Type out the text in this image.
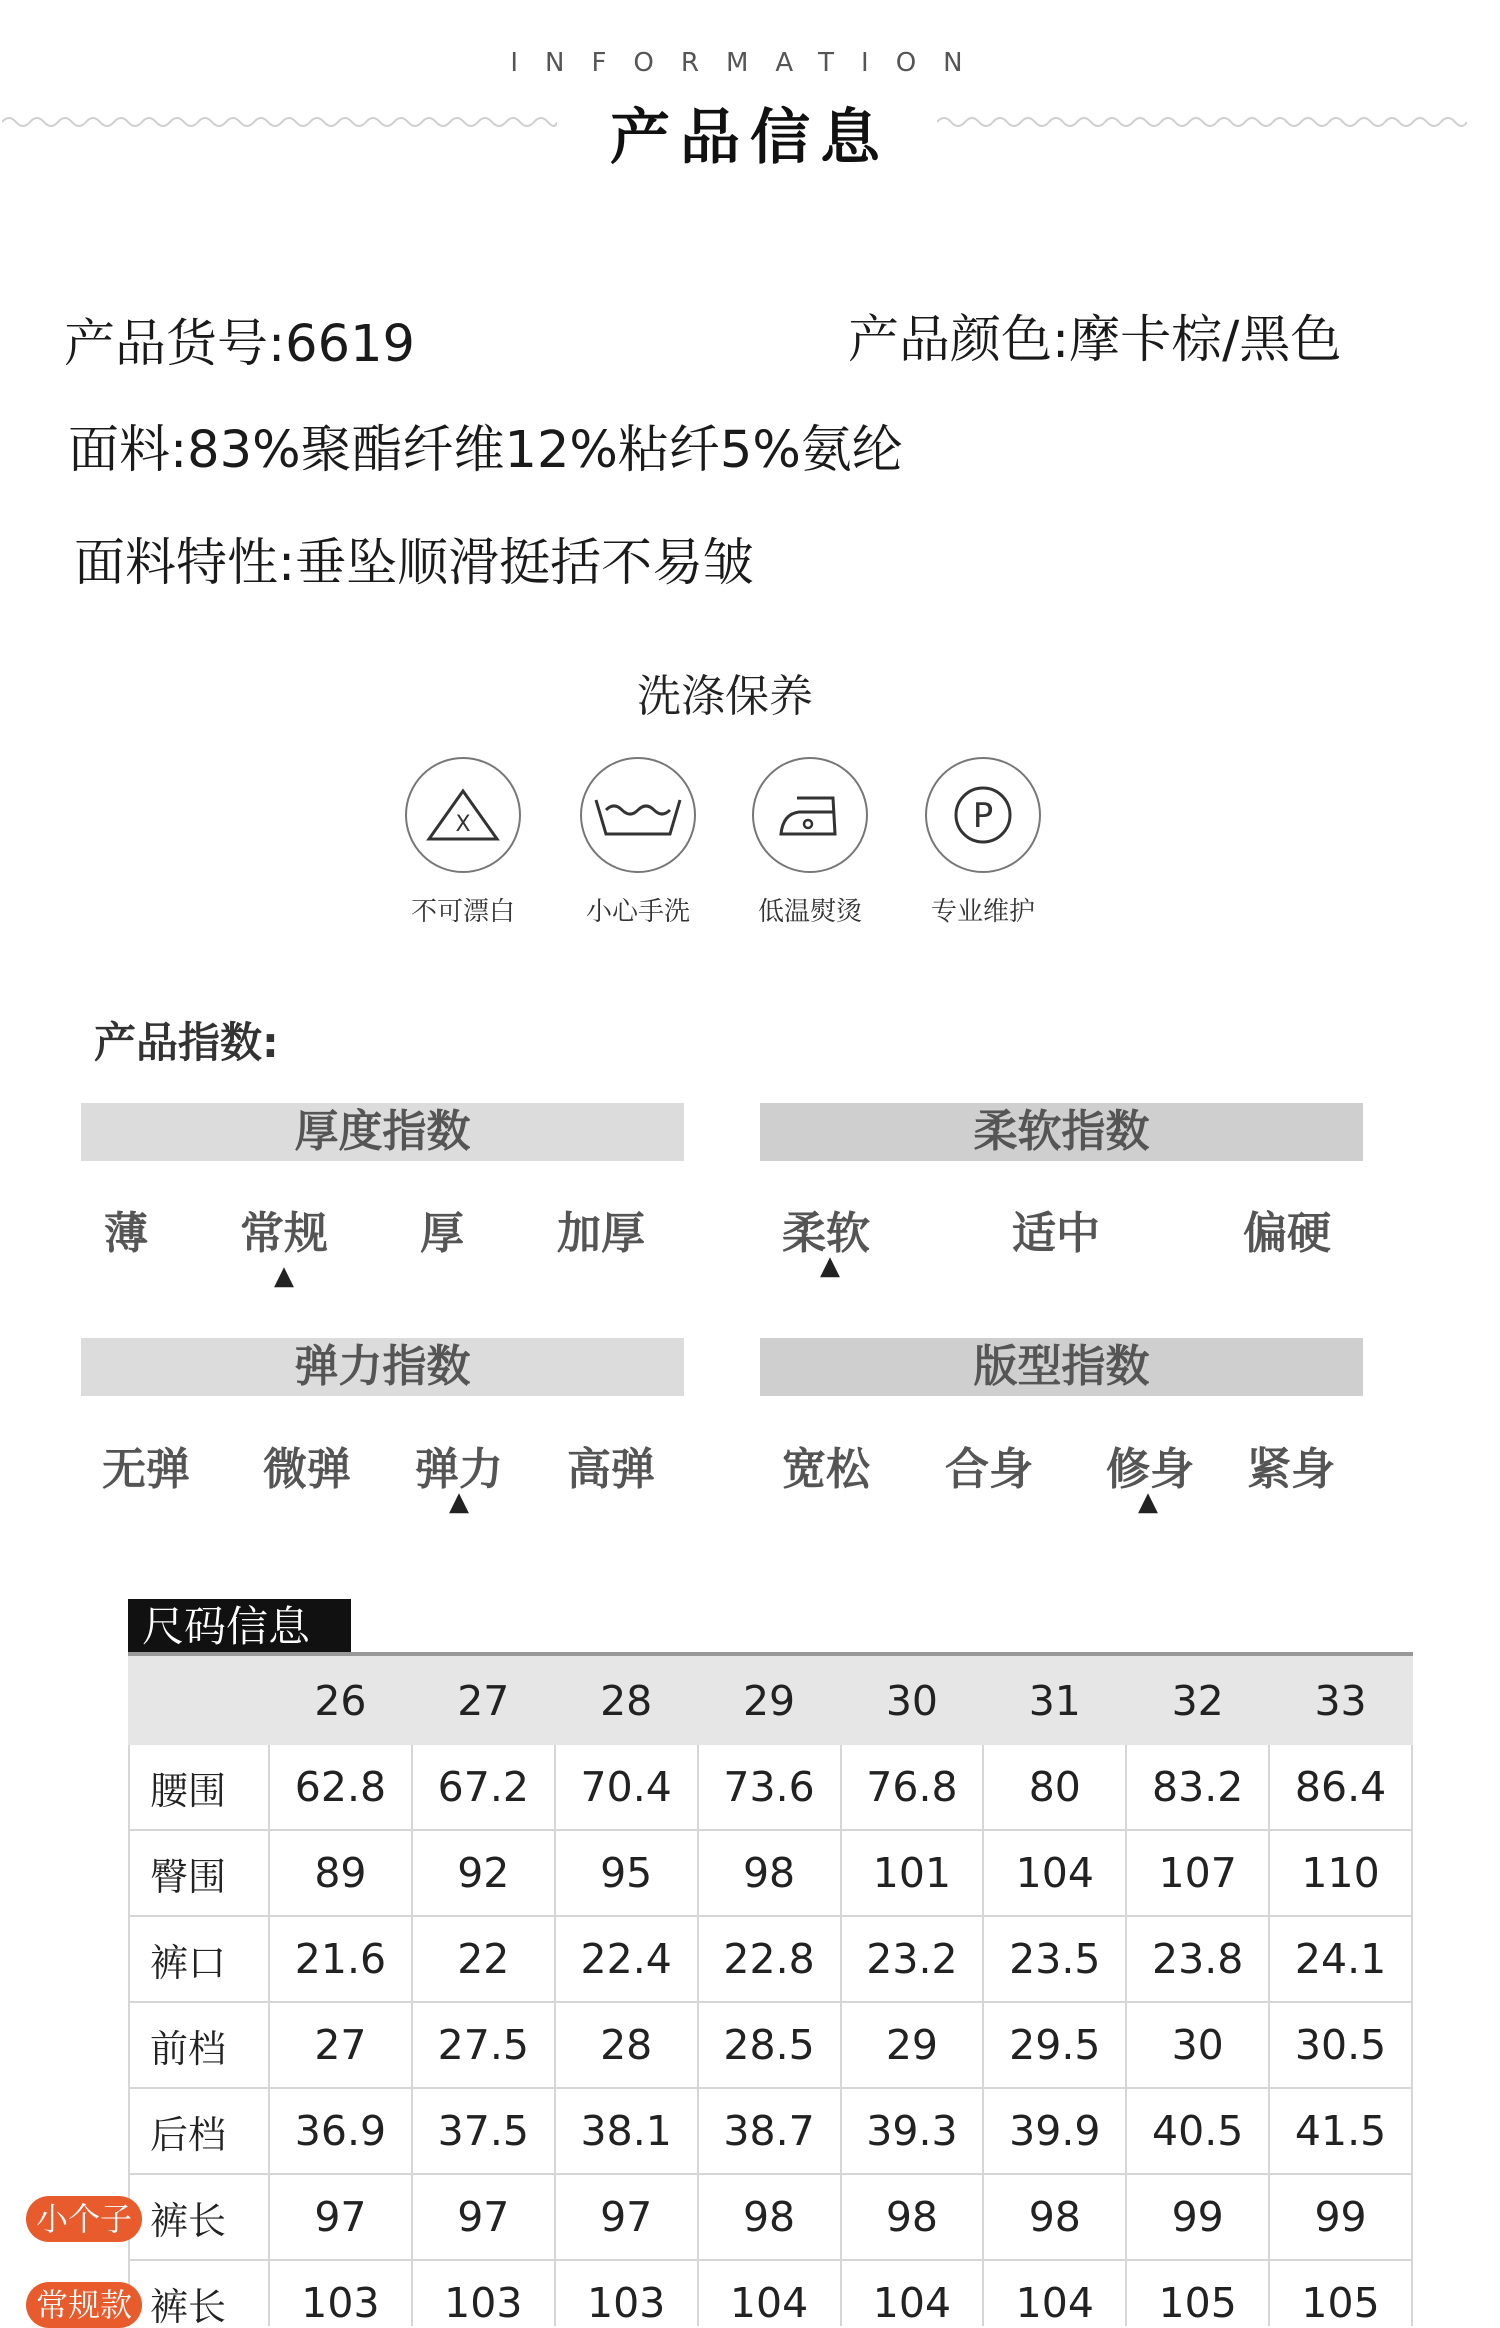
INFORMATION
产品信息
产品货号:6619	产品颜色:摩卡棕/黑色
面料:83%聚酯纤维12%粘纤5%氨纶
面料特性:垂坠顺滑挺括不易皱
洗涤保养
X
不可漂白	小心手洗	低温熨烫
P
专业维护
产品指数:
厚度指数
薄 常规 厚 加厚
▲
柔软指数
柔软	适中	偏硬
▲
弹力指数
无弹 微弹 弹力 高弹
▲
版型指数
宽松 合身 修身 紧身
▲
尺码信息
	26	27	28	29	30	31	32	33
腰围	62.8	67.2	70.4	73.6	76.8	80	83.2	86.4
臀围	89	92	95	98	101	104	107	110
裤口	21.6	22	22.4	22.8	23.2	23.5	23.8	24.1
前档	27	27.5	28	28.5	29	29.5	30	30.5
后档	36.9	37.5	38.1	38.7	39.3	39.9	40.5	41.5
裤长	97	97	97	98	98	98	99	99
裤长	103	103	103	104	104	104	105	105
小个子
常规款
